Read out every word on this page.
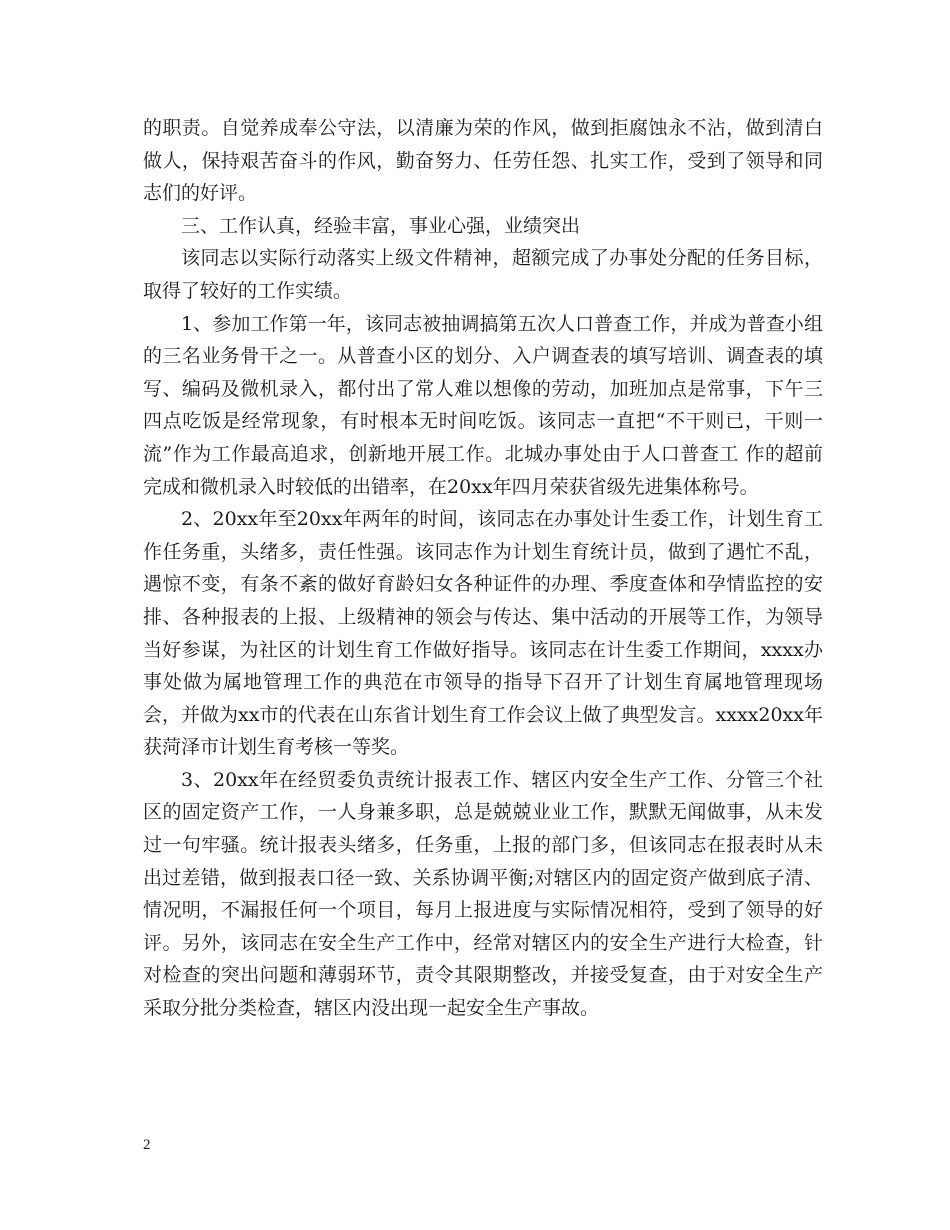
的职责。自觉养成奉公守法，以清廉为荣的作风，做到拒腐蚀永不沾，做到清白做人，保持艰苦奋斗的作风，勤奋努力、任劳任怨、扎实工作，受到了领导和同志们的好评。

三、工作认真，经验丰富，事业心强，业绩突出

该同志以实际行动落实上级文件精神，超额完成了办事处分配的任务目标，取得了较好的工作实绩。

1、参加工作第一年，该同志被抽调搞第五次人口普查工作，并成为普查小组的三名业务骨干之一。从普查小区的划分、入户调查表的填写培训、调查表的填写、编码及微机录入，都付出了常人难以想像的劳动，加班加点是常事，下午三四点吃饭是经常现象，有时根本无时间吃饭。该同志一直把“不干则已，干则一流”作为工作最高追求，创新地开展工作。北城办事处由于人口普查工 作的超前完成和微机录入时较低的出错率，在20xx年四月荣获省级先进集体称号。

2、20xx年至20xx年两年的时间，该同志在办事处计生委工作，计划生育工作任务重，头绪多，责任性强。该同志作为计划生育统计员，做到了遇忙不乱，遇惊不变，有条不紊的做好育龄妇女各种证件的办理、季度查体和孕情监控的安排、各种报表的上报、上级精神的领会与传达、集中活动的开展等工作，为领导当好参谋，为社区的计划生育工作做好指导。该同志在计生委工作期间，xxxx办事处做为属地管理工作的典范在市领导的指导下召开了计划生育属地管理现场会，并做为xx市的代表在山东省计划生育工作会议上做了典型发言。xxxx20xx年获菏泽市计划生育考核一等奖。

3、20xx年在经贸委负责统计报表工作、辖区内安全生产工作、分管三个社区的固定资产工作，一人身兼多职，总是兢兢业业工作，默默无闻做事，从未发过一句牢骚。统计报表头绪多，任务重，上报的部门多，但该同志在报表时从未出过差错，做到报表口径一致、关系协调平衡;对辖区内的固定资产做到底子清、情况明，不漏报任何一个项目，每月上报进度与实际情况相符，受到了领导的好评。另外，该同志在安全生产工作中，经常对辖区内的安全生产进行大检查，针对检查的突出问题和薄弱环节，责令其限期整改，并接受复查，由于对安全生产采取分批分类检查，辖区内没出现一起安全生产事故。

2
